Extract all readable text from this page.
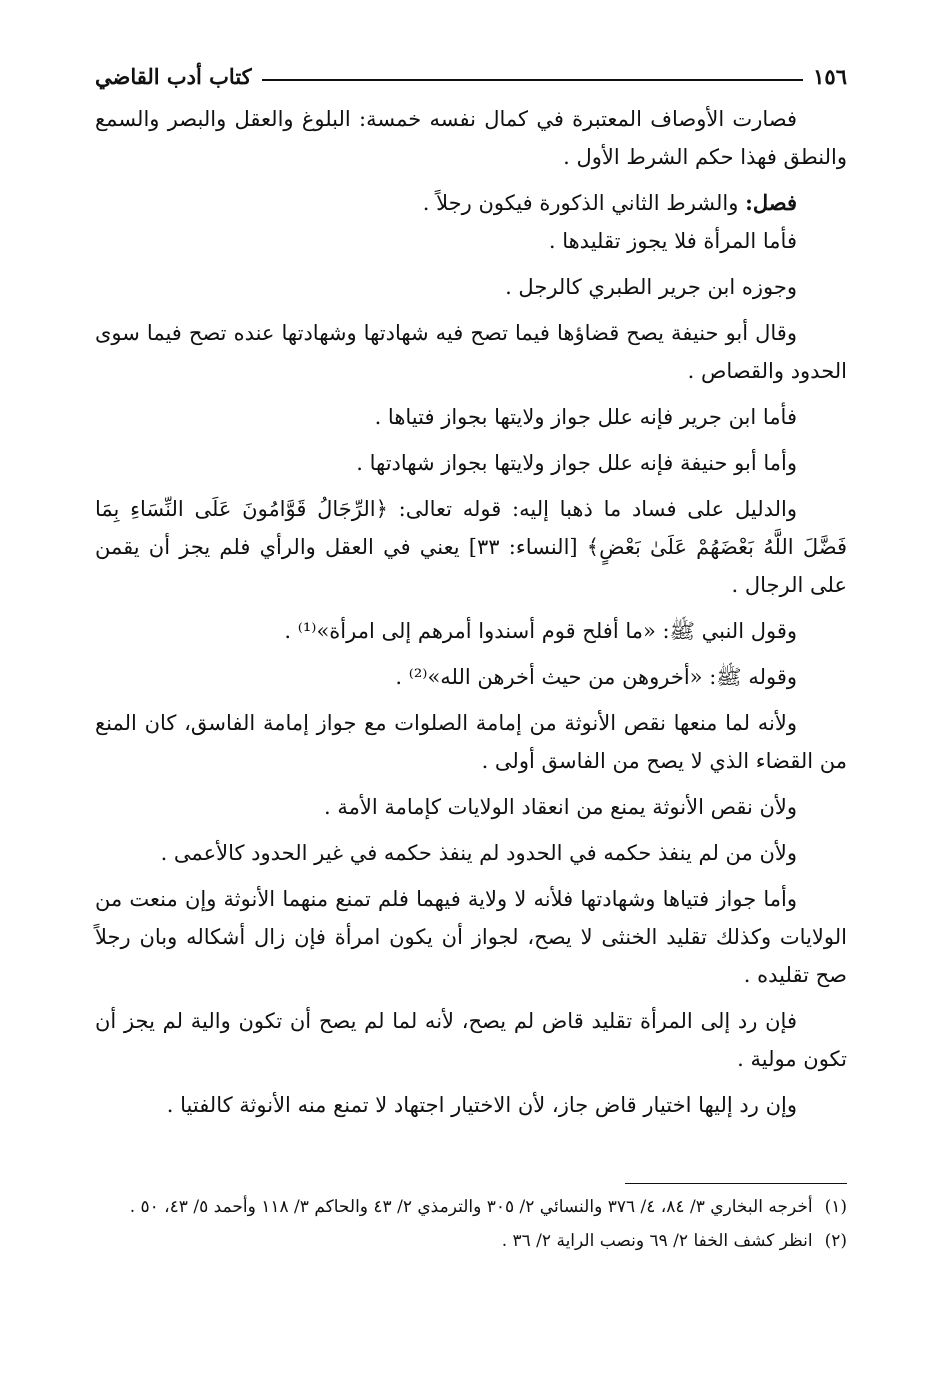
١٥٦
كتاب أدب القاضي

فصارت الأوصاف المعتبرة في كمال نفسه خمسة: البلوغ والعقل والبصر والسمع والنطق فهذا حكم الشرط الأول .

فصل: والشرط الثاني الذكورة فيكون رجلاً .

فأما المرأة فلا يجوز تقليدها .

وجوزه ابن جرير الطبري كالرجل .

وقال أبو حنيفة يصح قضاؤها فيما تصح فيه شهادتها وشهادتها عنده تصح فيما سوى الحدود والقصاص .

فأما ابن جرير فإنه علل جواز ولايتها بجواز فتياها .

وأما أبو حنيفة فإنه علل جواز ولايتها بجواز شهادتها .

والدليل على فساد ما ذهبا إليه: قوله تعالى: ﴿الرِّجَالُ قَوَّامُونَ عَلَى النِّسَاءِ بِمَا فَضَّلَ اللَّهُ بَعْضَهُمْ عَلَىٰ بَعْضٍ﴾ [النساء: ٣٣] يعني في العقل والرأي فلم يجز أن يقمن على الرجال .

وقول النبي ﷺ: «ما أفلح قوم أسندوا أمرهم إلى امرأة»⁽¹⁾ .

وقوله ﷺ: «أخروهن من حيث أخرهن الله»⁽²⁾ .

ولأنه لما منعها نقص الأنوثة من إمامة الصلوات مع جواز إمامة الفاسق، كان المنع من القضاء الذي لا يصح من الفاسق أولى .

ولأن نقص الأنوثة يمنع من انعقاد الولايات كإمامة الأمة .

ولأن من لم ينفذ حكمه في الحدود لم ينفذ حكمه في غير الحدود كالأعمى .

وأما جواز فتياها وشهادتها فلأنه لا ولاية فيهما فلم تمنع منهما الأنوثة وإن منعت من الولايات وكذلك تقليد الخنثى لا يصح، لجواز أن يكون امرأة فإن زال أشكاله وبان رجلاً صح تقليده .

فإن رد إلى المرأة تقليد قاض لم يصح، لأنه لما لم يصح أن تكون والية لم يجز أن تكون مولية .

وإن رد إليها اختيار قاض جاز، لأن الاختيار اجتهاد لا تمنع منه الأنوثة كالفتيا .

(١)أخرجه البخاري ٣/ ٨٤، ٤/ ٣٧٦ والنسائي ٢/ ٣٠٥ والترمذي ٢/ ٤٣ والحاكم ٣/ ١١٨ وأحمد ٥/ ٤٣، ٥٠ .

(٢)انظر كشف الخفا ٢/ ٦٩ ونصب الراية ٢/ ٣٦ .
